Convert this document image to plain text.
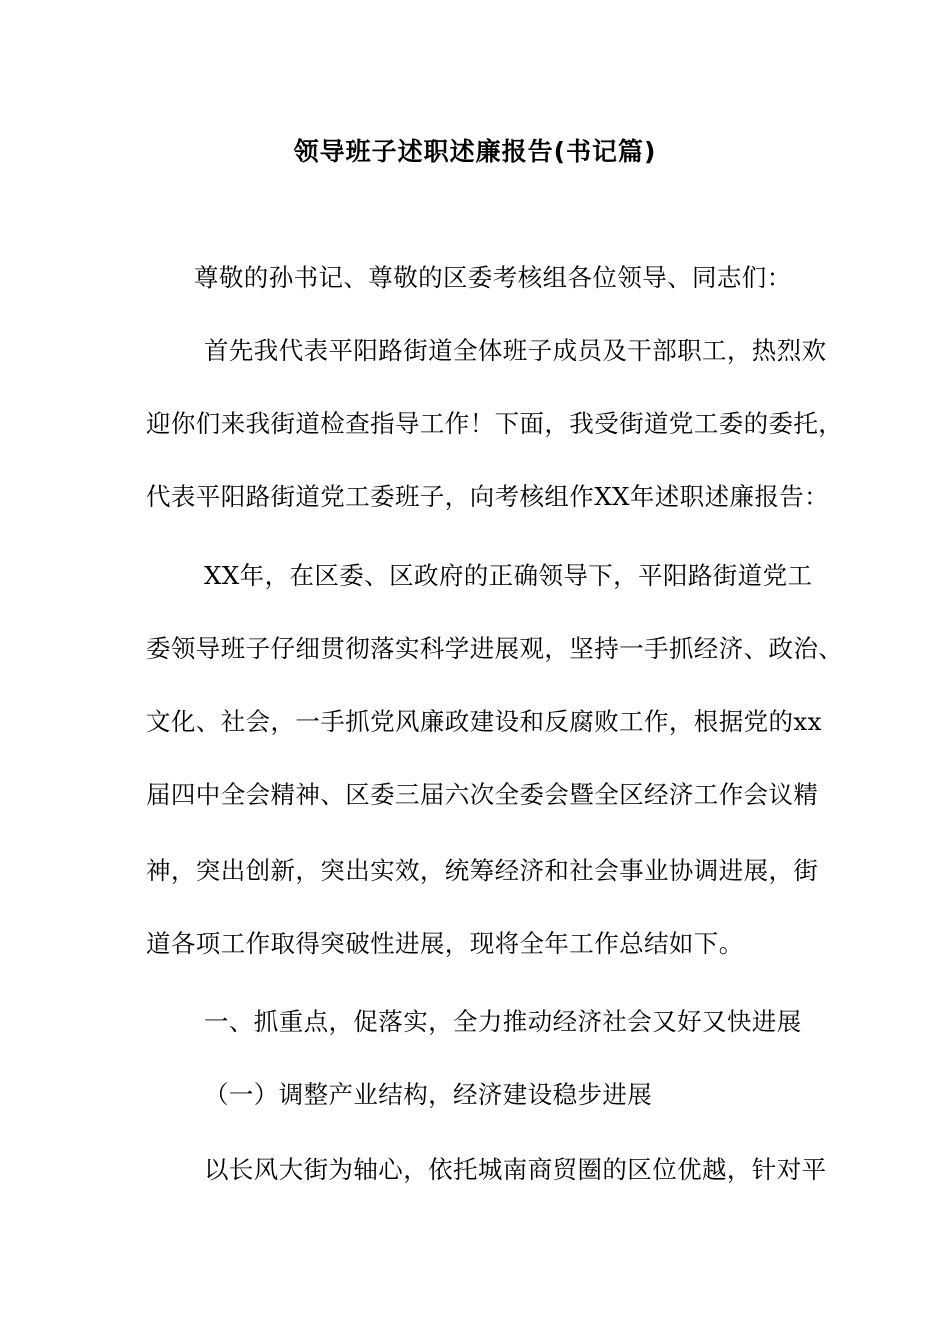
领导班子述职述廉报告(书记篇)
尊敬的孙书记、尊敬的区委考核组各位领导、同志们：
首先我代表平阳路街道全体班子成员及干部职工，热烈欢
迎你们来我街道检查指导工作！下面，我受街道党工委的委托，
代表平阳路街道党工委班子，向考核组作XX年述职述廉报告：
XX年，在区委、区政府的正确领导下，平阳路街道党工
委领导班子仔细贯彻落实科学进展观，坚持一手抓经济、政治、
文化、社会，一手抓党风廉政建设和反腐败工作，根据党的xx
届四中全会精神、区委三届六次全委会暨全区经济工作会议精
神，突出创新，突出实效，统筹经济和社会事业协调进展，街
道各项工作取得突破性进展，现将全年工作总结如下。
一、抓重点，促落实，全力推动经济社会又好又快进展
（一）调整产业结构，经济建设稳步进展
以长风大街为轴心，依托城南商贸圈的区位优越，针对平
